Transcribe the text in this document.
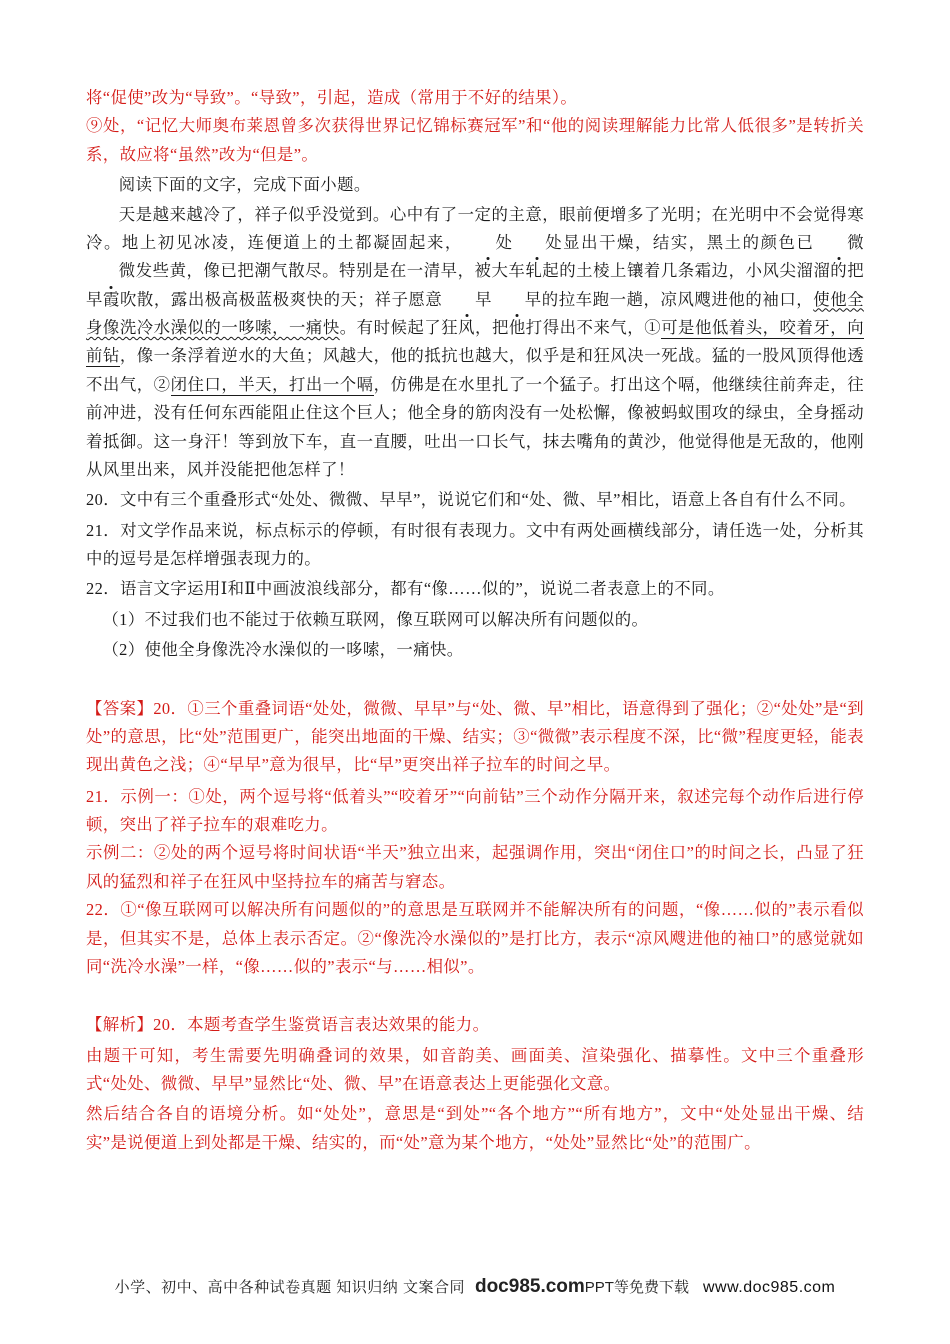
将“促使”改为“导致”。“导致”，引起，造成（常用于不好的结果）。

⑨处，“记忆大师奥布莱恩曾多次获得世界记忆锦标赛冠军”和“他的阅读理解能力比常人低很多”是转折关系，故应将“虽然”改为“但是”。

阅读下面的文字，完成下面小题。

天是越来越冷了，祥子似乎没觉到。心中有了一定的主意，眼前便增多了光明；在光明中不会觉得寒冷。地上初见冰凌，连便道上的土都凝固起来， 处 处显出干燥，结实，黑土的颜色已 微微发些黄，像已把潮气散尽。特别是在一清早，被大车轧起的土棱上镶着几条霜边，小风尖溜溜的把早霞吹散，露出极高极蓝极爽快的天；祥子愿意 早 早的拉车跑一趟，凉风飕进他的袖口，使他全身像洗冷水澡似的一哆嗦，一痛快。有时候起了狂风，把他打得出不来气，①可是他低着头，咬着牙，向前钻，像一条浮着逆水的大鱼；风越大，他的抵抗也越大，似乎是和狂风决一死战。猛的一股风顶得他透不出气，②闭住口，半天，打出一个嗝，仿佛是在水里扎了一个猛子。打出这个嗝，他继续往前奔走，往前冲进，没有任何东西能阻止住这个巨人；他全身的筋肉没有一处松懈，像被蚂蚁围攻的绿虫，全身摇动着抵御。这一身汗！等到放下车，直一直腰，吐出一口长气，抹去嘴角的黄沙，他觉得他是无敌的，他刚从风里出来，风并没能把他怎样了！

20．文中有三个重叠形式“处处、微微、早早”，说说它们和“处、微、早”相比，语意上各自有什么不同。

21．对文学作品来说，标点标示的停顿，有时很有表现力。文中有两处画横线部分，请任选一处，分析其中的逗号是怎样增强表现力的。

22．语言文字运用Ⅰ和Ⅱ中画波浪线部分，都有“像……似的”，说说二者表意上的不同。

（1）不过我们也不能过于依赖互联网，像互联网可以解决所有问题似的。

（2）使他全身像洗冷水澡似的一哆嗦，一痛快。

【答案】20．①三个重叠词语“处处，微微、早早”与“处、微、早”相比，语意得到了强化；②“处处”是“到处”的意思，比“处”范围更广，能突出地面的干燥、结实；③“微微”表示程度不深，比“微”程度更轻，能表现出黄色之浅；④“早早”意为很早，比“早”更突出祥子拉车的时间之早。

21．示例一：①处，两个逗号将“低着头”“咬着牙”“向前钻”三个动作分隔开来，叙述完每个动作后进行停顿，突出了祥子拉车的艰难吃力。

示例二：②处的两个逗号将时间状语“半天”独立出来，起强调作用，突出“闭住口”的时间之长，凸显了狂风的猛烈和祥子在狂风中坚持拉车的痛苦与窘态。

22．①“像互联网可以解决所有问题似的”的意思是互联网并不能解决所有的问题，“像……似的”表示看似是，但其实不是，总体上表示否定。②“像洗冷水澡似的”是打比方，表示“凉风飕进他的袖口”的感觉就如同“洗冷水澡”一样，“像……似的”表示“与……相似”。

【解析】20．本题考查学生鉴赏语言表达效果的能力。

由题干可知，考生需要先明确叠词的效果，如音韵美、画面美、渲染强化、描摹性。文中三个重叠形式“处处、微微、早早”显然比“处、微、早”在语意表达上更能强化文意。

然后结合各自的语境分析。如“处处”，意思是“到处”“各个地方”“所有地方”，文中“处处显出干燥、结实”是说便道上到处都是干燥、结实的，而“处”意为某个地方，“处处”显然比“处”的范围广。

小学、初中、高中各种试卷真题 知识归纳 文案合同 doc985.comPPT等免费下载 www.doc985.com
